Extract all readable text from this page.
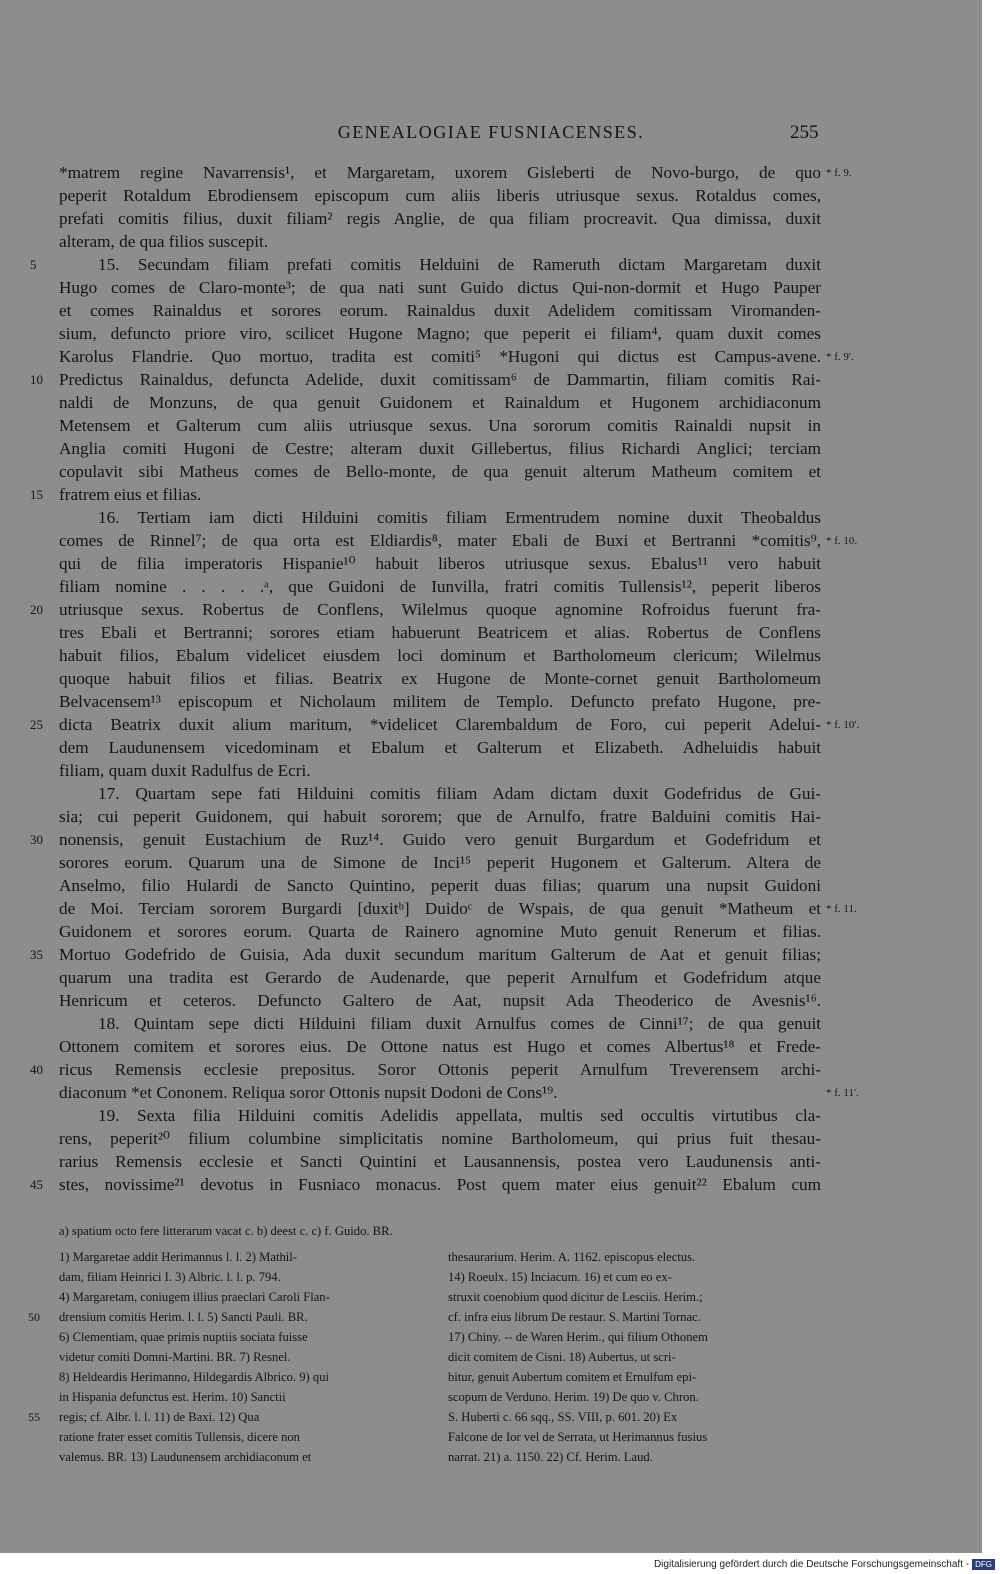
GENEALOGIAE FUSNIACENSES.	255
*matrem regine Navarrensis¹, et Margaretam, uxorem Gisleberti de Novo-burgo, de quo
peperit Rotaldum Ebrodiensem episcopum cum aliis liberis utriusque sexus. Rotaldus comes,
prefati comitis filius, duxit filiam² regis Anglie, de qua filiam procreavit. Qua dimissa, duxit
alteram, de qua filios suscepit.
15. Secundam filiam prefati comitis Helduini de Rameruth dictam Margaretam duxit
Hugo comes de Claro-monte³; de qua nati sunt Guido dictus Qui-non-dormit et Hugo Pauper
et comes Rainaldus et sorores eorum. Rainaldus duxit Adelidem comitissam Viromanden-
sium, defuncto priore viro, scilicet Hugone Magno; que peperit ei filiam⁴, quam duxit comes
Karolus Flandrie. Quo mortuo, tradita est comiti⁵ *Hugoni qui dictus est Campus-avene.
Predictus Rainaldus, defuncta Adelide, duxit comitissam⁶ de Dammartin, filiam comitis Rai-
naldi de Monzuns, de qua genuit Guidonem et Rainaldum et Hugonem archidiaconum
Metensem et Galterum cum aliis utriusque sexus. Una sororum comitis Rainaldi nupsit in
Anglia comiti Hugoni de Cestre; alteram duxit Gillebertus, filius Richardi Anglici; terciam
copulavit sibi Matheus comes de Bello-monte, de qua genuit alterum Matheum comitem et
fratrem eius et filias.
16. Tertiam iam dicti Hilduini comitis filiam Ermentrudem nomine duxit Theobaldus
comes de Rinnel⁷; de qua orta est Eldiardis⁸, mater Ebali de Buxi et Bertranni *comitis⁹,
qui de filia imperatoris Hispanie¹⁰ habuit liberos utriusque sexus. Ebalus¹¹ vero habuit
filiam nomine . . . . .ᵃ, que Guidoni de Iunvilla, fratri comitis Tullensis¹², peperit liberos
utriusque sexus. Robertus de Conflens, Wilelmus quoque agnomine Rofroidus fuerunt fra-
tres Ebali et Bertranni; sorores etiam habuerunt Beatricem et alias. Robertus de Conflens
habuit filios, Ebalum videlicet eiusdem loci dominum et Bartholomeum clericum; Wilelmus
quoque habuit filios et filias. Beatrix ex Hugone de Monte-cornet genuit Bartholomeum
Belvacensem¹³ episcopum et Nicholaum militem de Templo. Defuncto prefato Hugone, pre-
dicta Beatrix duxit alium maritum, *videlicet Clarembaldum de Foro, cui peperit Adelui-
dem Laudunensem vicedominam et Ebalum et Galterum et Elizabeth. Adheluidis habuit
filiam, quam duxit Radulfus de Ecri.
17. Quartam sepe fati Hilduini comitis filiam Adam dictam duxit Godefridus de Gui-
sia; cui peperit Guidonem, qui habuit sororem; que de Arnulfo, fratre Balduini comitis Hai-
nonensis, genuit Eustachium de Ruz¹⁴. Guido vero genuit Burgardum et Godefridum et
sorores eorum. Quarum una de Simone de Inci¹⁵ peperit Hugonem et Galterum. Altera de
Anselmo, filio Hulardi de Sancto Quintino, peperit duas filias; quarum una nupsit Guidoni
de Moi. Terciam sororem Burgardi [duxitᵇ] Duidoᶜ de Wspais, de qua genuit *Matheum et
Guidonem et sorores eorum. Quarta de Rainero agnomine Muto genuit Renerum et filias.
Mortuo Godefrido de Guisia, Ada duxit secundum maritum Galterum de Aat et genuit filias;
quarum una tradita est Gerardo de Audenarde, que peperit Arnulfum et Godefridum atque
Henricum et ceteros. Defuncto Galtero de Aat, nupsit Ada Theoderico de Avesnis¹⁶.
18. Quintam sepe dicti Hilduini filiam duxit Arnulfus comes de Cinni¹⁷; de qua genuit
Ottonem comitem et sorores eius. De Ottone natus est Hugo et comes Albertus¹⁸ et Frede-
ricus Remensis ecclesie prepositus. Soror Ottonis peperit Arnulfum Treverensem archi-
diaconum *et Cononem. Reliqua soror Ottonis nupsit Dodoni de Cons¹⁹.
19. Sexta filia Hilduini comitis Adelidis appellata, multis sed occultis virtutibus cla-
rens, peperit²⁰ filium columbine simplicitatis nomine Bartholomeum, qui prius fuit thesau-
rarius Remensis ecclesie et Sancti Quintini et Lausannensis, postea vero Laudunensis anti-
stes, novissime²¹ devotus in Fusniaco monacus. Post quem mater eius genuit²² Ebalum cum
5
10
15
20
25
30
35
40
45
* f. 9.
* f. 9'.
* f. 10.
* f. 10'.
* f. 11.
* f. 11'.
a) spatium octo fere litterarum vacat c. b) deest c. c) f. Guido. BR.
1) Margaretae addit Herimannus l. l. 2) Mathil-
dam, filiam Heinrici I. 3) Albric. l. l. p. 794.
4) Margaretam, coniugem illius praeclari Caroli Flan-
drensium comitis Herim. l. l. 5) Sancti Pauli. BR.
6) Clementiam, quae primis nuptiis sociata fuisse
videtur comiti Domni-Martini. BR. 7) Resnel.
8) Heldeardis Herimanno, Hildegardis Albrico. 9) qui
in Hispania defunctus est. Herim. 10) Sanctii
regis; cf. Albr. l. l. 11) de Baxi. 12) Qua
ratione frater esset comitis Tullensis, dicere non
valemus. BR. 13) Laudunensem archidiaconum et
thesaurarium. Herim. A. 1162. episcopus electus.
14) Roeulx. 15) Inciacum. 16) et cum eo ex-
struxit coenobium quod dicitur de Lesciis. Herim.;
cf. infra eius librum De restaur. S. Martini Tornac.
17) Chiny. -- de Waren Herim., qui filium Othonem
dicit comitem de Cisni. 18) Aubertus, ut scri-
bitur, genuit Aubertum comitem et Ernulfum epi-
scopum de Verduno. Herim. 19) De quo v. Chron.
S. Huberti c. 66 sqq., SS. VIII, p. 601. 20) Ex
Falcone de Ior vel de Serrata, ut Herimannus fusius
narrat. 21) a. 1150. 22) Cf. Herim. Laud.
50
55
Digitalisierung gefördert durch die Deutsche Forschungsgemeinschaft - DFG
